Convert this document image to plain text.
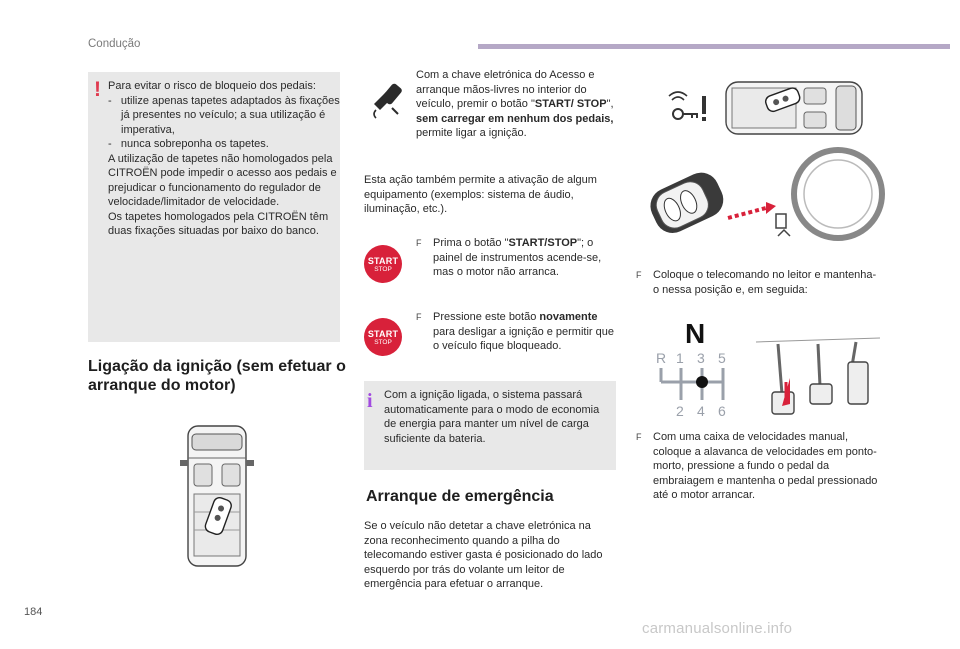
Condução
! Para evitar o risco de bloqueio dos pedais:
- utilize apenas tapetes adaptados às fixações já presentes no veículo; a sua utilização é imperativa,
- nunca sobreponha os tapetes.
A utilização de tapetes não homologados pela CITROËN pode impedir o acesso aos pedais e prejudicar o funcionamento do regulador de velocidade/limitador de velocidade.
Os tapetes homologados pela CITROËN têm duas fixações situadas por baixo do banco.
Ligação da ignição (sem efetuar o arranque do motor)
Com a chave eletrónica do Acesso e arranque mãos-livres no interior do veículo, premir o botão "START/ STOP", sem carregar em nenhum dos pedais, permite ligar a ignição.
Esta ação também permite a ativação de algum equipamento (exemplos: sistema de áudio, iluminação, etc.).
START
STOP
F Prima o botão "START/STOP"; o painel de instrumentos acende-se, mas o motor não arranca.
START
STOP
F Pressione este botão novamente para desligar a ignição e permitir que o veículo fique bloqueado.
i Com a ignição ligada, o sistema passará automaticamente para o modo de economia de energia para manter um nível de carga suficiente da bateria.
Arranque de emergência
Se o veículo não detetar a chave eletrónica na zona reconhecimento quando a pilha do telecomando estiver gasta é posicionado do lado esquerdo por trás do volante um leitor de emergência para efetuar o arranque.
F Coloque o telecomando no leitor e mantenha-o nessa posição e, em seguida:
N
R 1 3 5
2 4 6
F Com uma caixa de velocidades manual, coloque a alavanca de velocidades em ponto-morto, pressione a fundo o pedal da embraiagem e mantenha o pedal pressionado até o motor arrancar.
184
carmanualsonline.info
